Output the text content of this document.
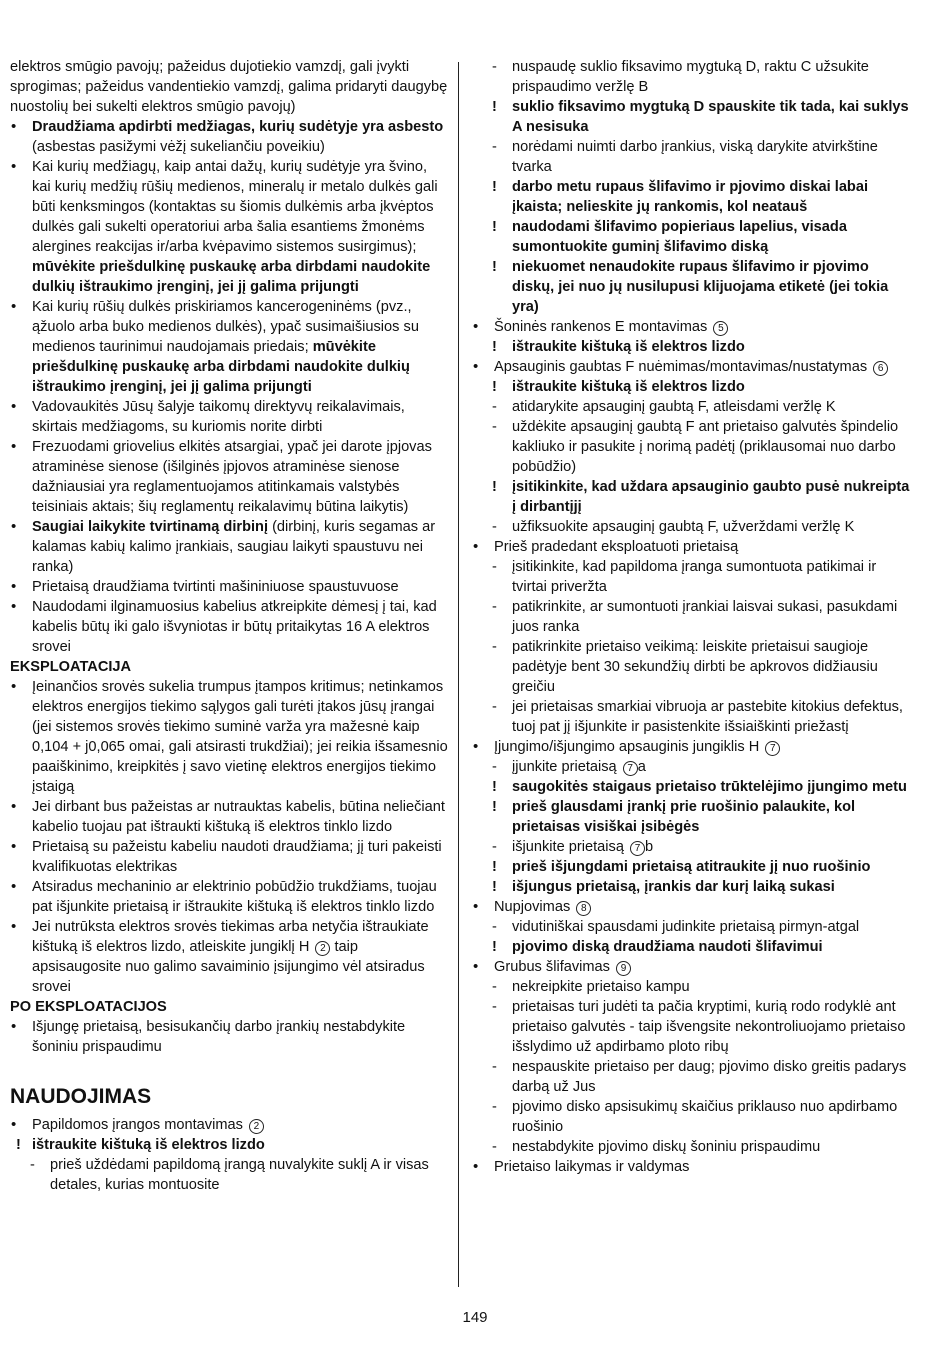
elektros smūgio pavojų; pažeidus dujotiekio vamzdį, gali įvykti sprogimas; pažeidus vandentiekio vamzdį, galima pridaryti daugybę nuostolių bei sukelti elektros smūgio pavojų)
• Draudžiama apdirbti medžiagas, kurių sudėtyje yra asbesto (asbestas pasižymi vėžį sukeliančiu poveikiu)
• Kai kurių medžiagų, kaip antai dažų, kurių sudėtyje yra švino, kai kurių medžių rūšių medienos, mineralų ir metalo dulkės gali būti kenksmingos (kontaktas su šiomis dulkėmis arba įkvėptos dulkės gali sukelti operatoriui arba šalia esantiems žmonėms alergines reakcijas ir/arba kvėpavimo sistemos susirgimus); mūvėkite priešdulkinę puskaukę arba dirbdami naudokite dulkių ištraukimo įrenginį, jei jį galima prijungti
• Kai kurių rūšių dulkės priskiriamos kancerogeninėms (pvz., ąžuolo arba buko medienos dulkės), ypač susimaišiusios su medienos taurinimui naudojamais priedais; mūvėkite priešdulkinę puskaukę arba dirbdami naudokite dulkių ištraukimo įrenginį, jei jį galima prijungti
• Vadovaukitės Jūsų šalyje taikomų direktyvų reikalavimais, skirtais medžiagoms, su kuriomis norite dirbti
• Frezuodami griovelius elkitės atsargiai, ypač jei darote įpjovas atraminėse sienose (išilginės įpjovos atraminėse sienose dažniausiai yra reglamentuojamos atitinkamais valstybės teisiniais aktais; šių reglamentų reikalavimų būtina laikytis)
• Saugiai laikykite tvirtinamą dirbinį (dirbinį, kuris segamas ar kalamas kabių kalimo įrankiais, saugiau laikyti spaustuvu nei ranka)
• Prietaisą draudžiama tvirtinti mašininiuose spaustuvuose
• Naudodami ilginamuosius kabelius atkreipkite dėmesį į tai, kad kabelis būtų iki galo išvyniotas ir būtų pritaikytas 16 A elektros srovei
EKSPLOATACIJA
• Įeinančios srovės sukelia trumpus įtampos kritimus; netinkamos elektros energijos tiekimo sąlygos gali turėti įtakos jūsų įrangai (jei sistemos srovės tiekimo suminė varža yra mažesnė kaip 0,104 + j0,065 omai, gali atsirasti trukdžiai); jei reikia išsamesnio paaiškinimo, kreipkitės į savo vietinę elektros energijos tiekimo įstaigą
• Jei dirbant bus pažeistas ar nutrauktas kabelis, būtina neliečiant kabelio tuojau pat ištraukti kištuką iš elektros tinklo lizdo
• Prietaisą su pažeistu kabeliu naudoti draudžiama; jį turi pakeisti kvalifikuotas elektrikas
• Atsiradus mechaninio ar elektrinio pobūdžio trukdžiams, tuojau pat išjunkite prietaisą ir ištraukite kištuką iš elektros tinklo lizdo
• Jei nutrūksta elektros srovės tiekimas arba netyčia ištraukiate kištuką iš elektros lizdo, atleiskite jungiklį H 2 taip apsisaugosite nuo galimo savaiminio įsijungimo vėl atsiradus srovei
PO EKSPLOATACIJOS
• Išjungę prietaisą, besisukančių darbo įrankių nestabdykite šoniniu prispaudimu
NAUDOJIMAS
• Papildomos įrangos montavimas 2
! ištraukite kištuką iš elektros lizdo
- prieš uždėdami papildomą įrangą nuvalykite suklį A ir visas detales, kurias montuosite
- nuspaudę suklio fiksavimo mygtuką D, raktu C užsukite prispaudimo veržlę B
! suklio fiksavimo mygtuką D spauskite tik tada, kai suklys A nesisuka
- norėdami nuimti darbo įrankius, viską darykite atvirkštine tvarka
! darbo metu rupaus šlifavimo ir pjovimo diskai labai įkaista; nelieskite jų rankomis, kol neatauš
! naudodami šlifavimo popieriaus lapelius, visada sumontuokite guminį šlifavimo diską
! niekuomet nenaudokite rupaus šlifavimo ir pjovimo diskų, jei nuo jų nusilupusi klijuojama etiketė (jei tokia yra)
• Šoninės rankenos E montavimas 5
! ištraukite kištuką iš elektros lizdo
• Apsauginis gaubtas F nuėmimas/montavimas/nustatymas 6
! ištraukite kištuką iš elektros lizdo
- atidarykite apsauginį gaubtą F, atleisdami veržlę K
- uždėkite apsauginį gaubtą F ant prietaiso galvutės špindelio kakliuko ir pasukite į norimą padėtį (priklausomai nuo darbo pobūdžio)
! įsitikinkite, kad uždara apsauginio gaubto pusė nukreipta į dirbantįjį
- užfiksuokite apsauginį gaubtą F, užverždami veržlę K
• Prieš pradedant eksploatuoti prietaisą
- įsitikinkite, kad papildoma įranga sumontuota patikimai ir tvirtai priveržta
- patikrinkite, ar sumontuoti įrankiai laisvai sukasi, pasukdami juos ranka
- patikrinkite prietaiso veikimą: leiskite prietaisui saugioje padėtyje bent 30 sekundžių dirbti be apkrovos didžiausiu greičiu
- jei prietaisas smarkiai vibruoja ar pastebite kitokius defektus, tuoj pat jį išjunkite ir pasistenkite išsiaiškinti priežastį
• Įjungimo/išjungimo apsauginis jungiklis H 7
- įjunkite prietaisą 7 a
! saugokitės staigaus prietaiso trūktelėjimo įjungimo metu
! prieš glausdami įrankį prie ruošinio palaukite, kol prietaisas visiškai įsibėgės
- išjunkite prietaisą 7 b
! prieš išjungdami prietaisą atitraukite jį nuo ruošinio
! išjungus prietaisą, įrankis dar kurį laiką sukasi
• Nupjovimas 8
- vidutiniškai spausdami judinkite prietaisą pirmyn-atgal
! pjovimo diską draudžiama naudoti šlifavimui
• Grubus šlifavimas 9
- nekreipkite prietaiso kampu
- prietaisas turi judėti ta pačia kryptimi, kurią rodo rodyklė ant prietaiso galvutės - taip išvengsite nekontroliuojamo prietaiso išslydimo už apdirbamo ploto ribų
- nespauskite prietaiso per daug; pjovimo disko greitis padarys darbą už Jus
- pjovimo disko apsisukimų skaičius priklauso nuo apdirbamo ruošinio
- nestabdykite pjovimo diskų šoniniu prispaudimu
• Prietaiso laikymas ir valdymas
149
